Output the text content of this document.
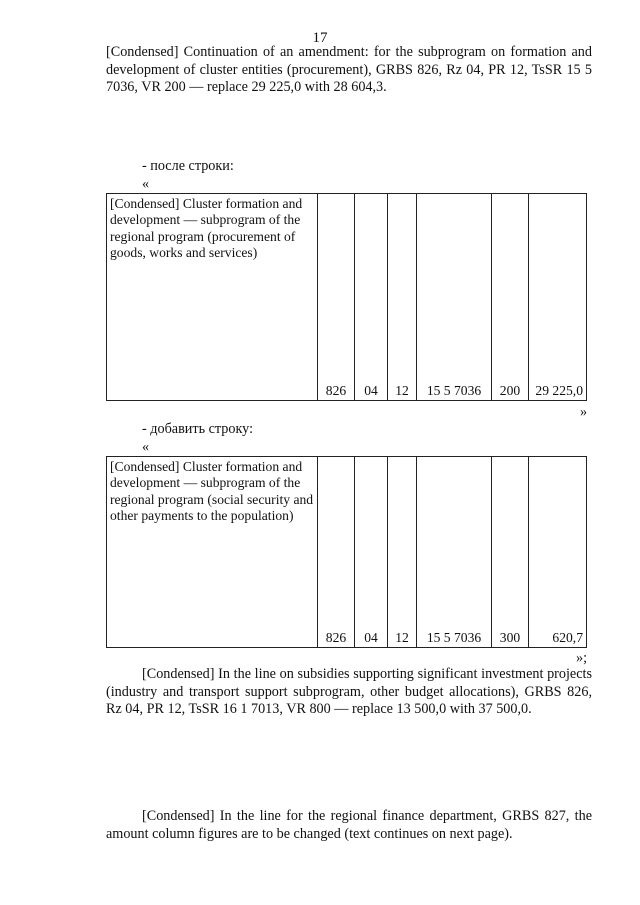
17

[Condensed] Continuation of an amendment: for the subprogram on formation and development of cluster entities (procurement), GRBS 826, Rz 04, PR 12, TsSR 15 5 7036, VR 200 — replace 29 225,0 with 28 604,3.

- после строки:

«
[Condensed] Cluster formation and development — subprogram of the regional program (procurement of goods, works and services)
	826	04	12	15 5 7036	200	29 225,0
»

- добавить строку:

«
[Condensed] Cluster formation and development — subprogram of the regional program (social security and other payments to the population)
	826	04	12	15 5 7036	300	620,7
»;

[Condensed] In the line on subsidies supporting significant investment projects (industry and transport support subprogram, other budget allocations), GRBS 826, Rz 04, PR 12, TsSR 16 1 7013, VR 800 — replace 13 500,0 with 37 500,0.

[Condensed] In the line for the regional finance department, GRBS 827, the amount column figures are to be changed (text continues on next page).
